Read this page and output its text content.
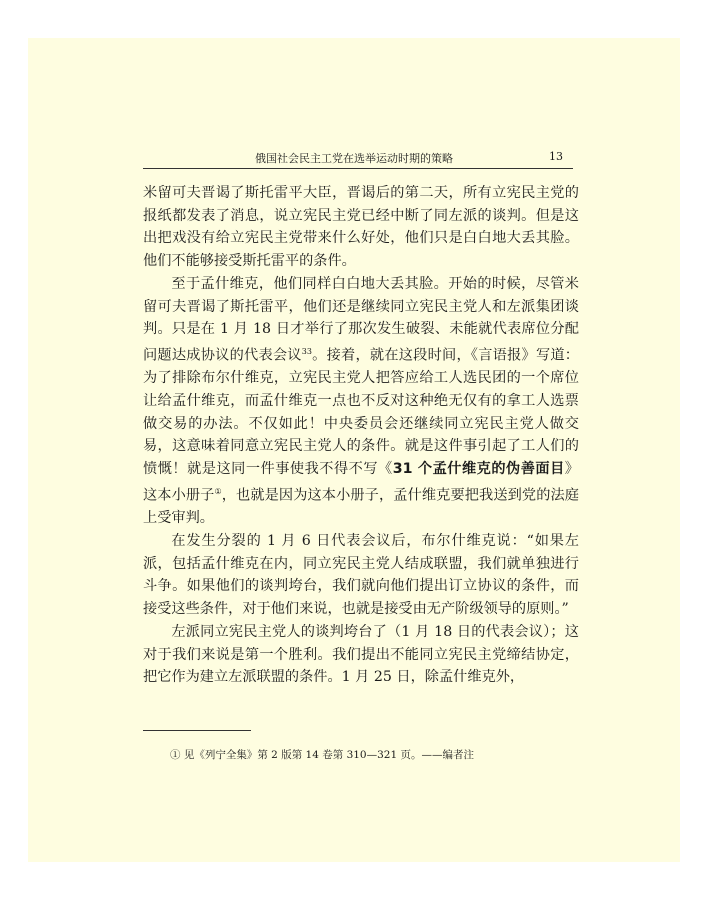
俄国社会民主工党在选举运动时期的策略	13

米留可夫晋谒了斯托雷平大臣，晋谒后的第二天，所有立宪民主党的报纸都发表了消息，说立宪民主党已经中断了同左派的谈判。但是这出把戏没有给立宪民主党带来什么好处，他们只是白白地大丢其脸。他们不能够接受斯托雷平的条件。

至于孟什维克，他们同样白白地大丢其脸。开始的时候，尽管米留可夫晋谒了斯托雷平，他们还是继续同立宪民主党人和左派集团谈判。只是在 1 月 18 日才举行了那次发生破裂、未能就代表席位分配问题达成协议的代表会议$^{33}$。接着，就在这段时间，《言语报》写道：为了排除布尔什维克，立宪民主党人把答应给工人选民团的一个席位让给孟什维克，而孟什维克一点也不反对这种绝无仅有的拿工人选票做交易的办法。不仅如此！中央委员会还继续同立宪民主党人做交易，这意味着同意立宪民主党人的条件。就是这件事引起了工人们的愤慨！就是这同一件事使我不得不写《31 个孟什维克的伪善面目》这本小册子①，也就是因为这本小册子，孟什维克要把我送到党的法庭上受审判。

在发生分裂的 1 月 6 日代表会议后，布尔什维克说：“如果左派，包括孟什维克在内，同立宪民主党人结成联盟，我们就单独进行斗争。如果他们的谈判垮台，我们就向他们提出订立协议的条件，而接受这些条件，对于他们来说，也就是接受由无产阶级领导的原则。”

左派同立宪民主党人的谈判垮台了（1 月 18 日的代表会议）；这对于我们来说是第一个胜利。我们提出不能同立宪民主党缔结协定，把它作为建立左派联盟的条件。1 月 25 日，除孟什维克外，

① 见《列宁全集》第 2 版第 14 卷第 310—321 页。——编者注
